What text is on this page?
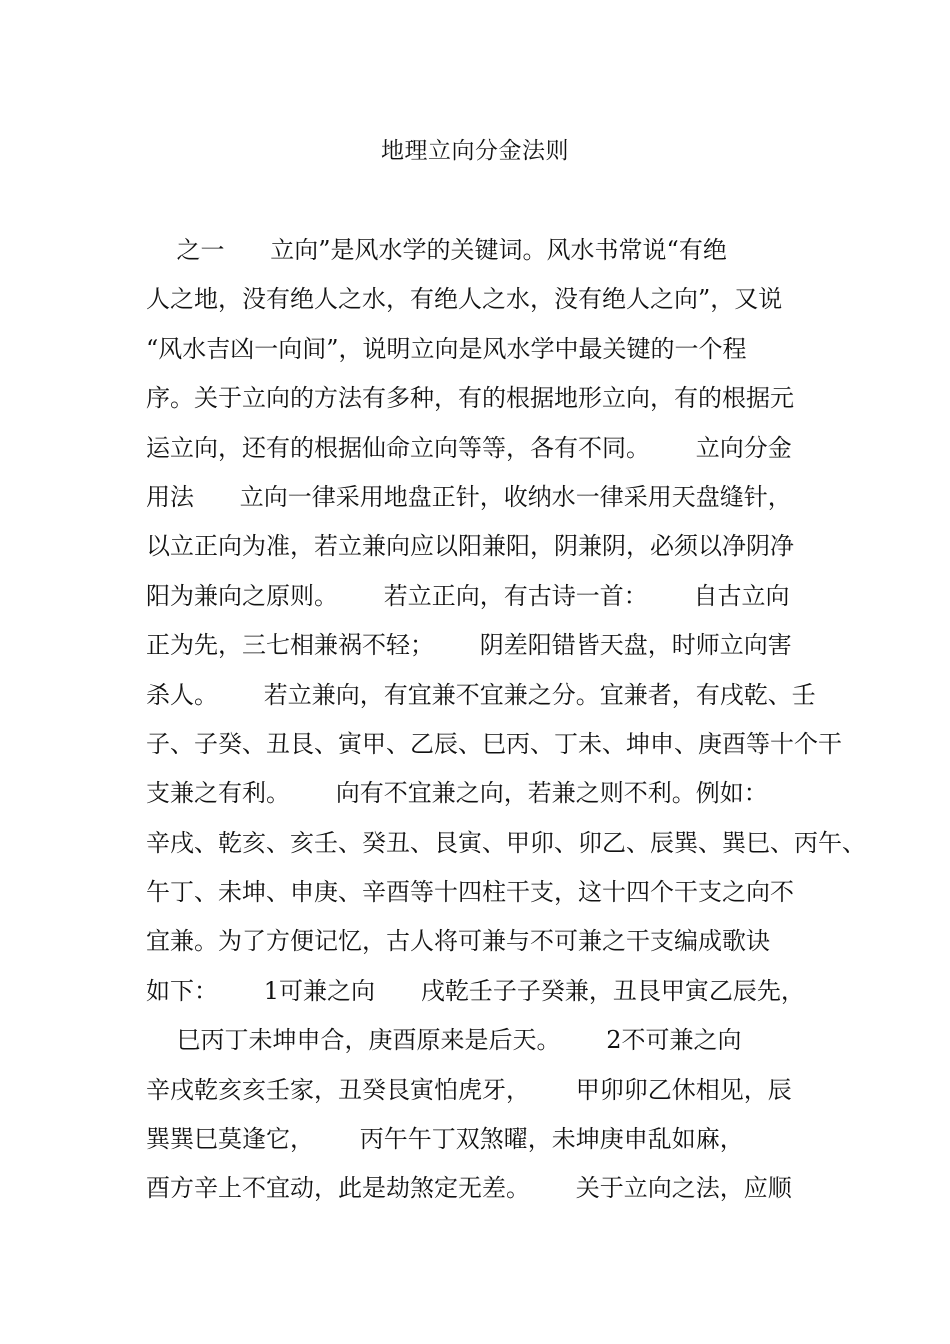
地理立向分金法则
之一      立向”是风水学的关键词。风水书常说“有绝
人之地，没有绝人之水，有绝人之水，没有绝人之向”，又说
“风水吉凶一向间”，说明立向是风水学中最关键的一个程
序。关于立向的方法有多种，有的根据地形立向，有的根据元
运立向，还有的根据仙命立向等等，各有不同。      立向分金
用法      立向一律采用地盘正针，收纳水一律采用天盘缝针，
以立正向为准，若立兼向应以阳兼阳，阴兼阴，必须以净阴净
阳为兼向之原则。      若立正向，有古诗一首：      自古立向
正为先，三七相兼祸不轻；      阴差阳错皆天盘，时师立向害
杀人。      若立兼向，有宜兼不宜兼之分。宜兼者，有戌乾、壬
子、子癸、丑艮、寅甲、乙辰、巳丙、丁未、坤申、庚酉等十个干
支兼之有利。      向有不宜兼之向，若兼之则不利。例如：
辛戌、乾亥、亥壬、癸丑、艮寅、甲卯、卯乙、辰巽、巽巳、丙午、
午丁、未坤、申庚、辛酉等十四柱干支，这十四个干支之向不
宜兼。为了方便记忆，古人将可兼与不可兼之干支编成歌诀
如下：      1可兼之向      戌乾壬子子癸兼，丑艮甲寅乙辰先，
巳丙丁未坤申合，庚酉原来是后天。      2不可兼之向
辛戌乾亥亥壬家，丑癸艮寅怕虎牙，      甲卯卯乙休相见，辰
巽巽巳莫逢它，      丙午午丁双煞曜，未坤庚申乱如麻，
酉方辛上不宜动，此是劫煞定无差。      关于立向之法，应顺
